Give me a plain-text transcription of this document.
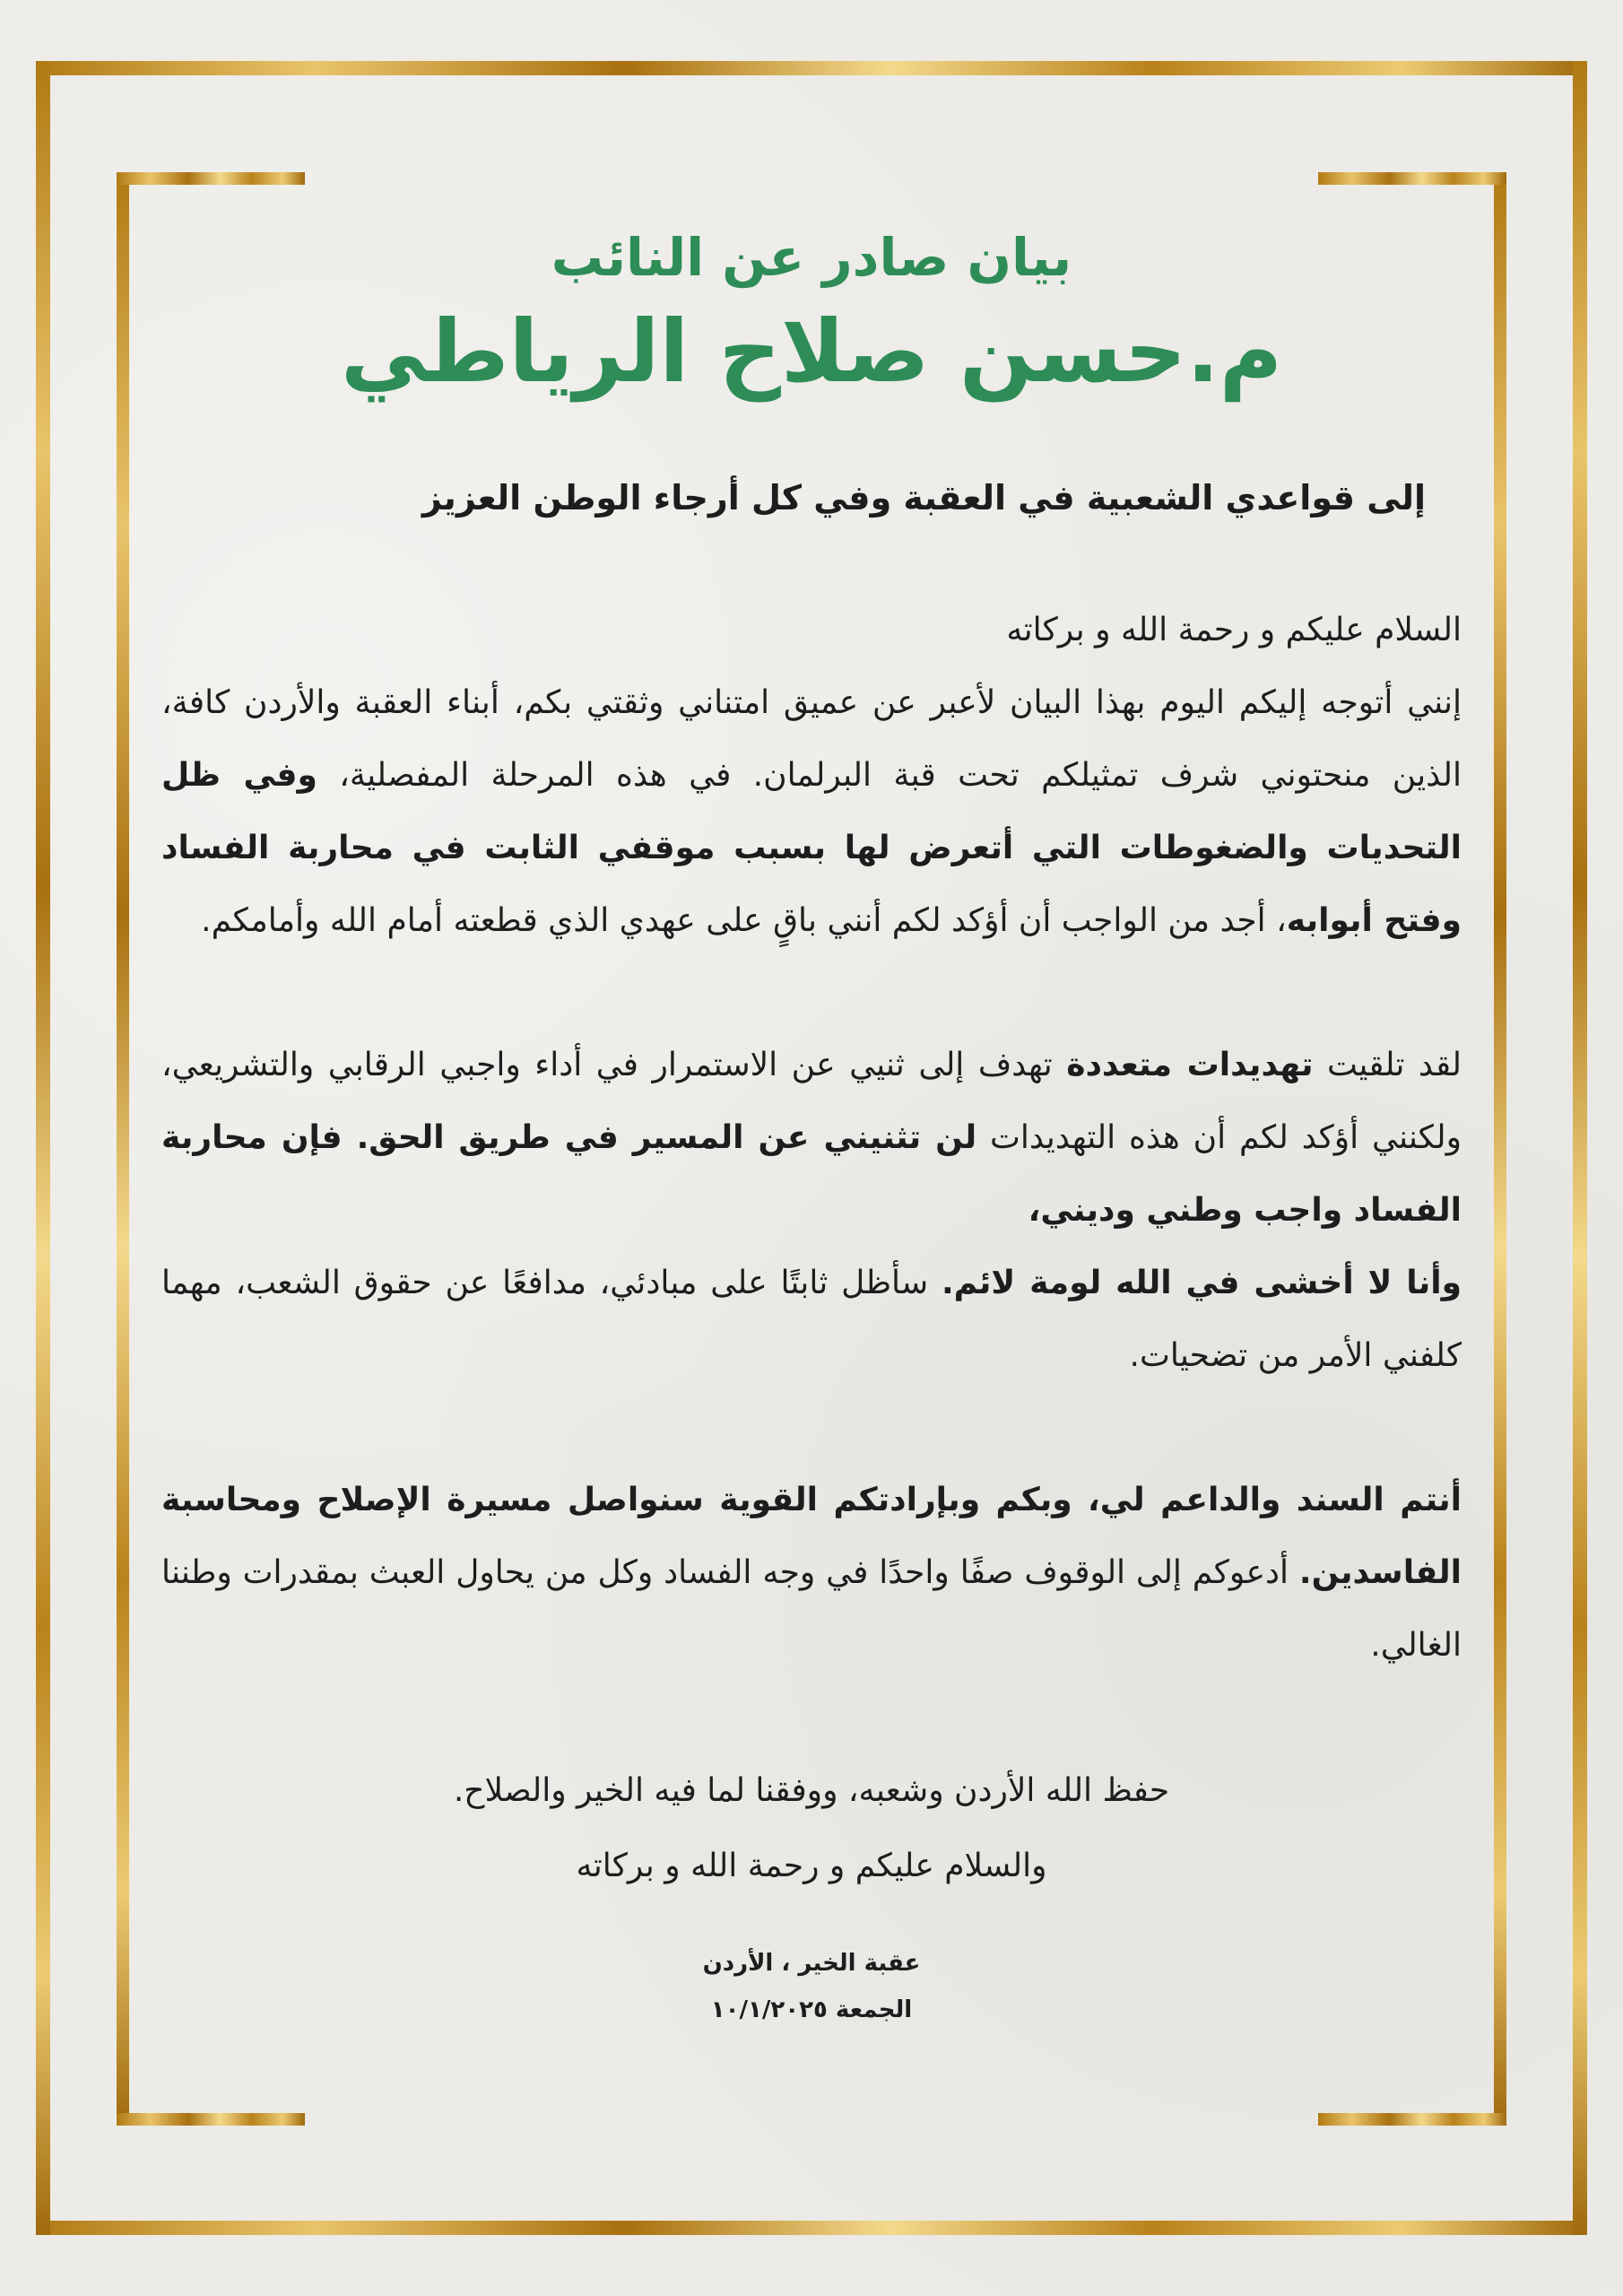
بيان صادر عن النائب
م.حسن صلاح الرياطي
إلى قواعدي الشعبية في العقبة وفي كل أرجاء الوطن العزيز
السلام عليكم و رحمة الله و بركاته
إنني أتوجه إليكم اليوم بهذا البيان لأعبر عن عميق امتناني وثقتي بكم، أبناء العقبة والأردن كافة، الذين منحتوني شرف تمثيلكم تحت قبة البرلمان. في هذه المرحلة المفصلية، وفي ظل التحديات والضغوطات التي أتعرض لها بسبب موقفي الثابت في محاربة الفساد وفتح أبوابه، أجد من الواجب أن أؤكد لكم أنني باقٍ على عهدي الذي قطعته أمام الله وأمامكم.
لقد تلقيت تهديدات متعددة تهدف إلى ثنيي عن الاستمرار في أداء واجبي الرقابي والتشريعي، ولكنني أؤكد لكم أن هذه التهديدات لن تثنيني عن المسير في طريق الحق. فإن محاربة الفساد واجب وطني وديني،
وأنا لا أخشى في الله لومة لائم. سأظل ثابتًا على مبادئي، مدافعًا عن حقوق الشعب، مهما كلفني الأمر من تضحيات.
أنتم السند والداعم لي، وبكم وبإرادتكم القوية سنواصل مسيرة الإصلاح ومحاسبة الفاسدين. أدعوكم إلى الوقوف صفًا واحدًا في وجه الفساد وكل من يحاول العبث بمقدرات وطننا الغالي.
حفظ الله الأردن وشعبه، ووفقنا لما فيه الخير والصلاح.
والسلام عليكم و رحمة الله و بركاته
عقبة الخير ، الأردن
الجمعة ١٠/١/٢٠٢٥
